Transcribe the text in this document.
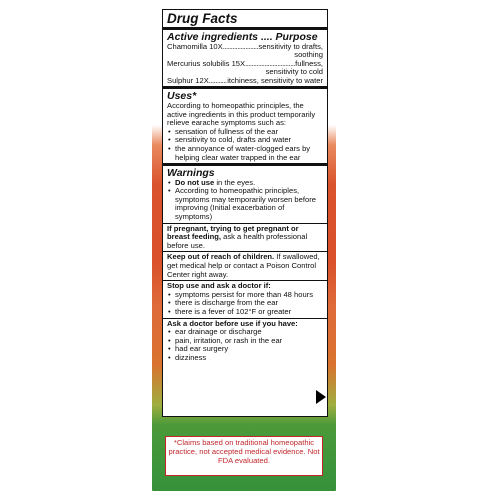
Drug Facts
Active ingredients .... Purpose
Chamomilla 10X .....	sensitivity to drafts,
soothing
Mercurius solubilis 15X .....	fullness,
sensitivity to cold
Sulphur 12X ..... itchiness, sensitivity to water
Uses*
According to homeopathic principles, the active ingredients in this product temporarily relieve earache symptoms such as:
• sensation of fullness of the ear
• sensitivity to cold, drafts and water
• the annoyance of water-clogged ears by helping clear water trapped in the ear
Warnings
• Do not use in the eyes.
• According to homeopathic principles, symptoms may temporarily worsen before improving (Initial exacerbation of symptoms)
If pregnant, trying to get pregnant or breast feeding, ask a health professional before use.
Keep out of reach of children. If swallowed, get medical help or contact a Poison Control Center right away.
Stop use and ask a doctor if:
• symptoms persist for more than 48 hours
• there is discharge from the ear
• there is a fever of 102°F or greater
Ask a doctor before use if you have:
• ear drainage or discharge
• pain, irritation, or rash in the ear
• had ear surgery
• dizziness
*Claims based on traditional homeopathic practice, not accepted medical evidence. Not FDA evaluated.
